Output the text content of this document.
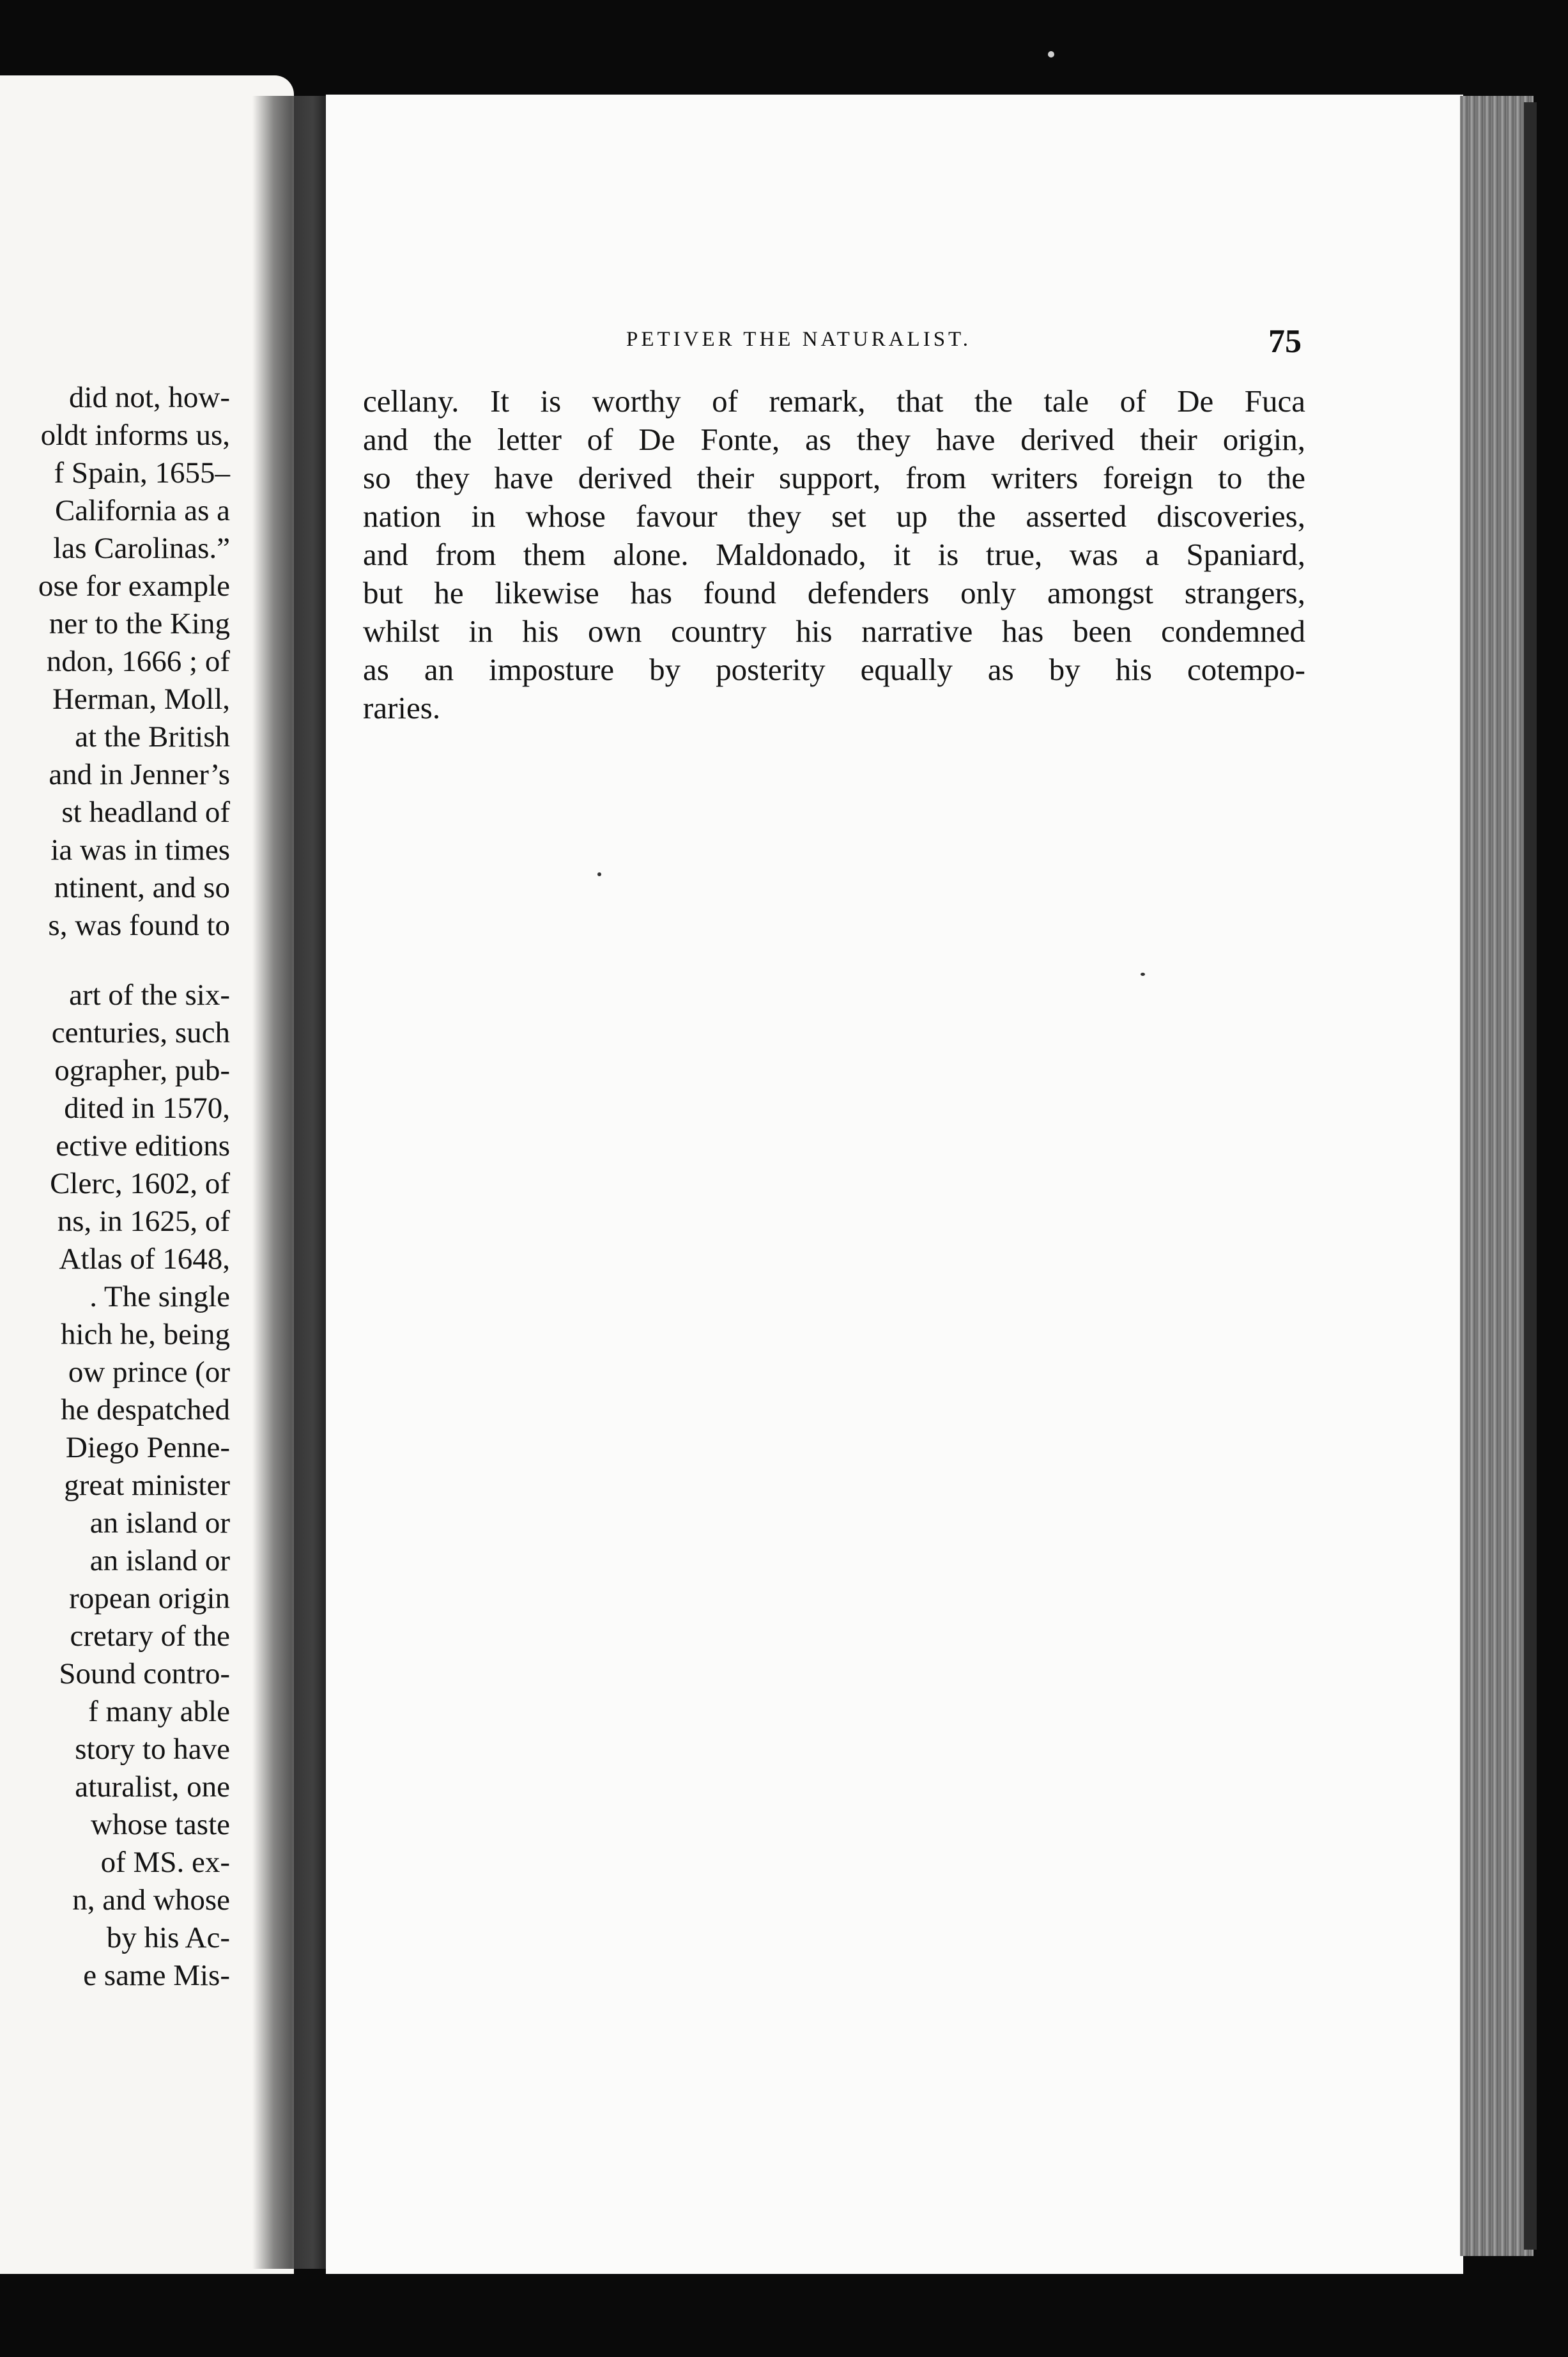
did not, how-
oldt informs us,
f Spain, 1655–
California as a
las Carolinas.”
ose for example
ner to the King
ndon, 1666 ; of
Herman, Moll,
at the British
and in Jenner’s
st headland of
ia was in times
ntinent, and so
s, was found to
art of the six-
centuries, such
ographer, pub-
dited in 1570,
ective editions
Clerc, 1602, of
ns, in 1625, of
Atlas of 1648,
. The single
hich he, being
ow prince (or
he despatched
Diego Penne-
great minister
an island or
an island or
ropean origin
cretary of the
Sound contro-
f many able
story to have
aturalist, one
whose taste
of MS. ex-
n, and whose
by his Ac-
e same Mis-
PETIVER THE NATURALIST.	75
cellany. It is worthy of remark, that the tale of De Fuca
and the letter of De Fonte, as they have derived their origin,
so they have derived their support, from writers foreign to the
nation in whose favour they set up the asserted discoveries,
and from them alone. Maldonado, it is true, was a Spaniard,
but he likewise has found defenders only amongst strangers,
whilst in his own country his narrative has been condemned
as an imposture by posterity equally as by his cotempo-
raries.
